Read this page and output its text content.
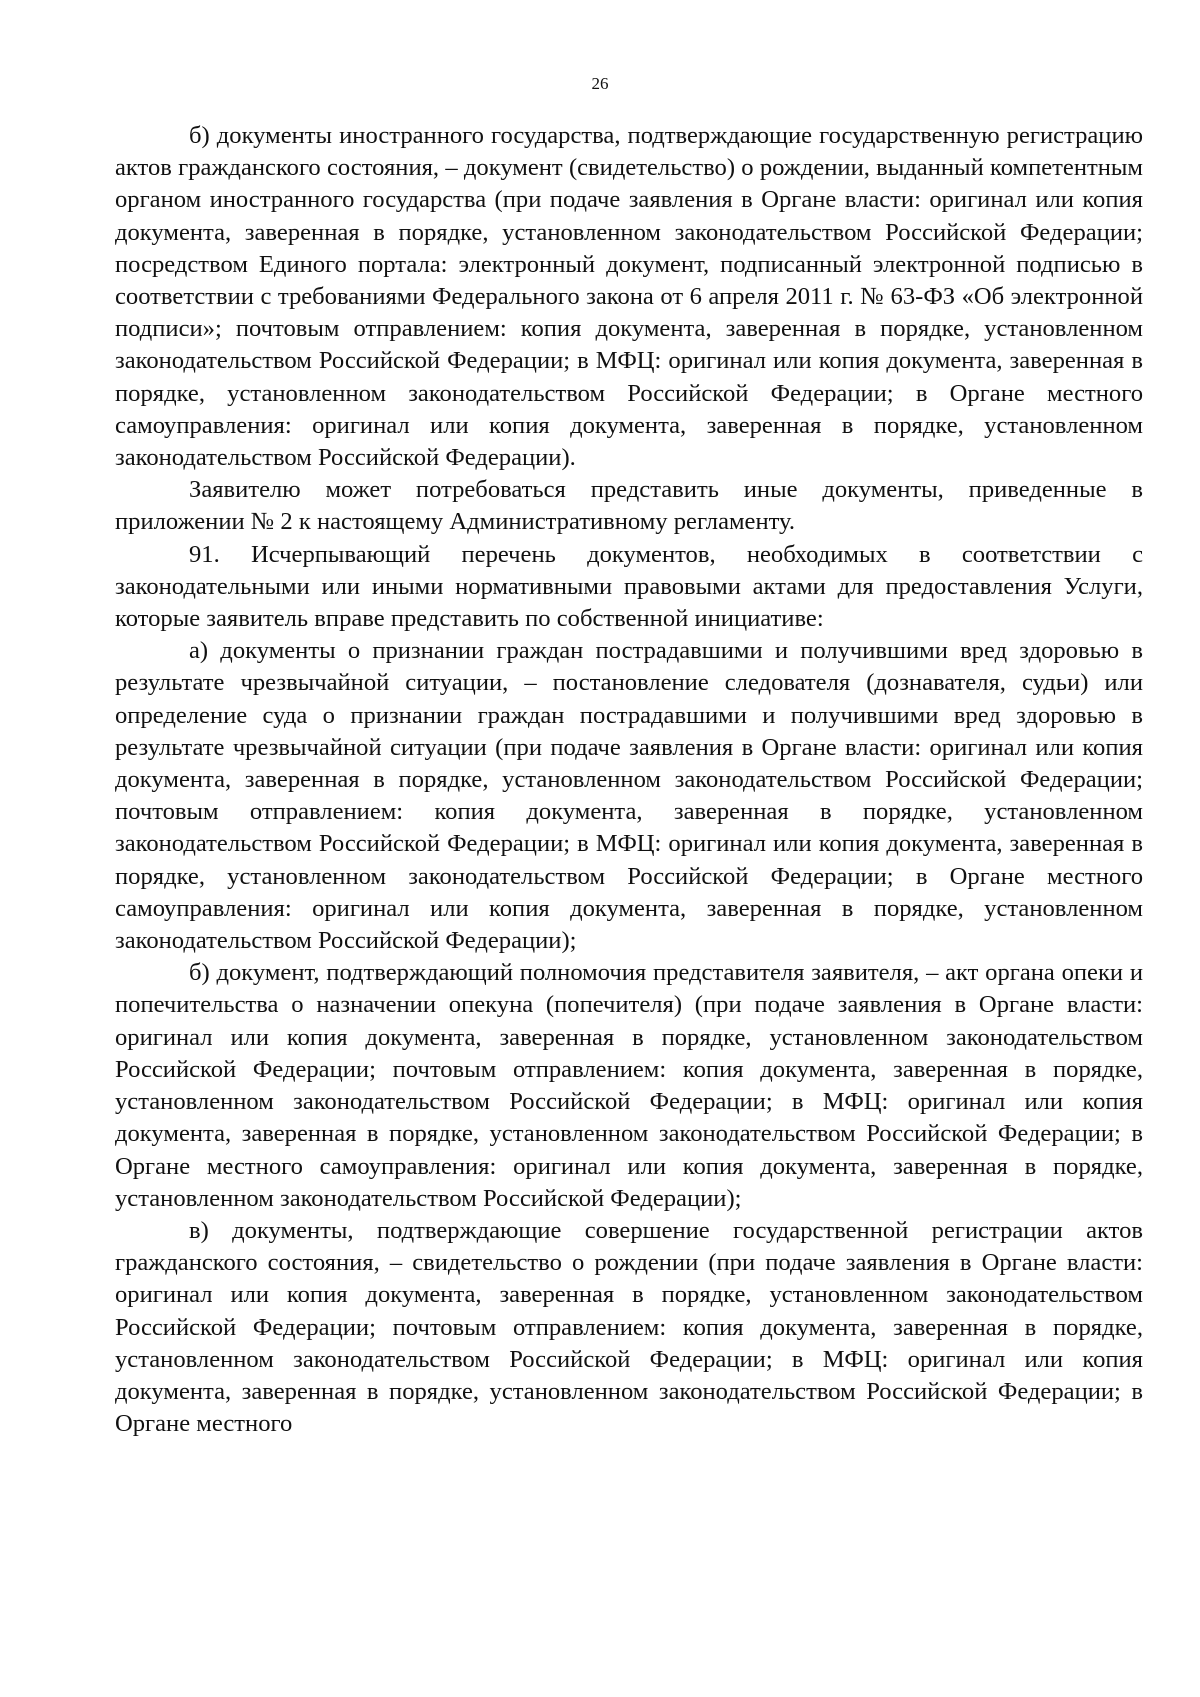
26

б) документы иностранного государства, подтверждающие государственную регистрацию актов гражданского состояния, – документ (свидетельство) о рождении, выданный компетентным органом иностранного государства (при подаче заявления в Органе власти: оригинал или копия документа, заверенная в порядке, установленном законодательством Российской Федерации; посредством Единого портала: электронный документ, подписанный электронной подписью в соответствии с требованиями Федерального закона от 6 апреля 2011 г. № 63-ФЗ «Об электронной подписи»; почтовым отправлением: копия документа, заверенная в порядке, установленном законодательством Российской Федерации; в МФЦ: оригинал или копия документа, заверенная в порядке, установленном законодательством Российской Федерации; в Органе местного самоуправления: оригинал или копия документа, заверенная в порядке, установленном законодательством Российской Федерации).

Заявителю может потребоваться представить иные документы, приведенные в приложении № 2 к настоящему Административному регламенту.

91. Исчерпывающий перечень документов, необходимых в соответствии с законодательными или иными нормативными правовыми актами для предоставления Услуги, которые заявитель вправе представить по собственной инициативе:

а) документы о признании граждан пострадавшими и получившими вред здоровью в результате чрезвычайной ситуации, – постановление следователя (дознавателя, судьи) или определение суда о признании граждан пострадавшими и получившими вред здоровью в результате чрезвычайной ситуации (при подаче заявления в Органе власти: оригинал или копия документа, заверенная в порядке, установленном законодательством Российской Федерации; почтовым отправлением: копия документа, заверенная в порядке, установленном законодательством Российской Федерации; в МФЦ: оригинал или копия документа, заверенная в порядке, установленном законодательством Российской Федерации; в Органе местного самоуправления: оригинал или копия документа, заверенная в порядке, установленном законодательством Российской Федерации);

б) документ, подтверждающий полномочия представителя заявителя, – акт органа опеки и попечительства о назначении опекуна (попечителя) (при подаче заявления в Органе власти: оригинал или копия документа, заверенная в порядке, установленном законодательством Российской Федерации; почтовым отправлением: копия документа, заверенная в порядке, установленном законодательством Российской Федерации; в МФЦ: оригинал или копия документа, заверенная в порядке, установленном законодательством Российской Федерации; в Органе местного самоуправления: оригинал или копия документа, заверенная в порядке, установленном законодательством Российской Федерации);

в) документы, подтверждающие совершение государственной регистрации актов гражданского состояния, – свидетельство о рождении (при подаче заявления в Органе власти: оригинал или копия документа, заверенная в порядке, установленном законодательством Российской Федерации; почтовым отправлением: копия документа, заверенная в порядке, установленном законодательством Российской Федерации; в МФЦ: оригинал или копия документа, заверенная в порядке, установленном законодательством Российской Федерации; в Органе местного
